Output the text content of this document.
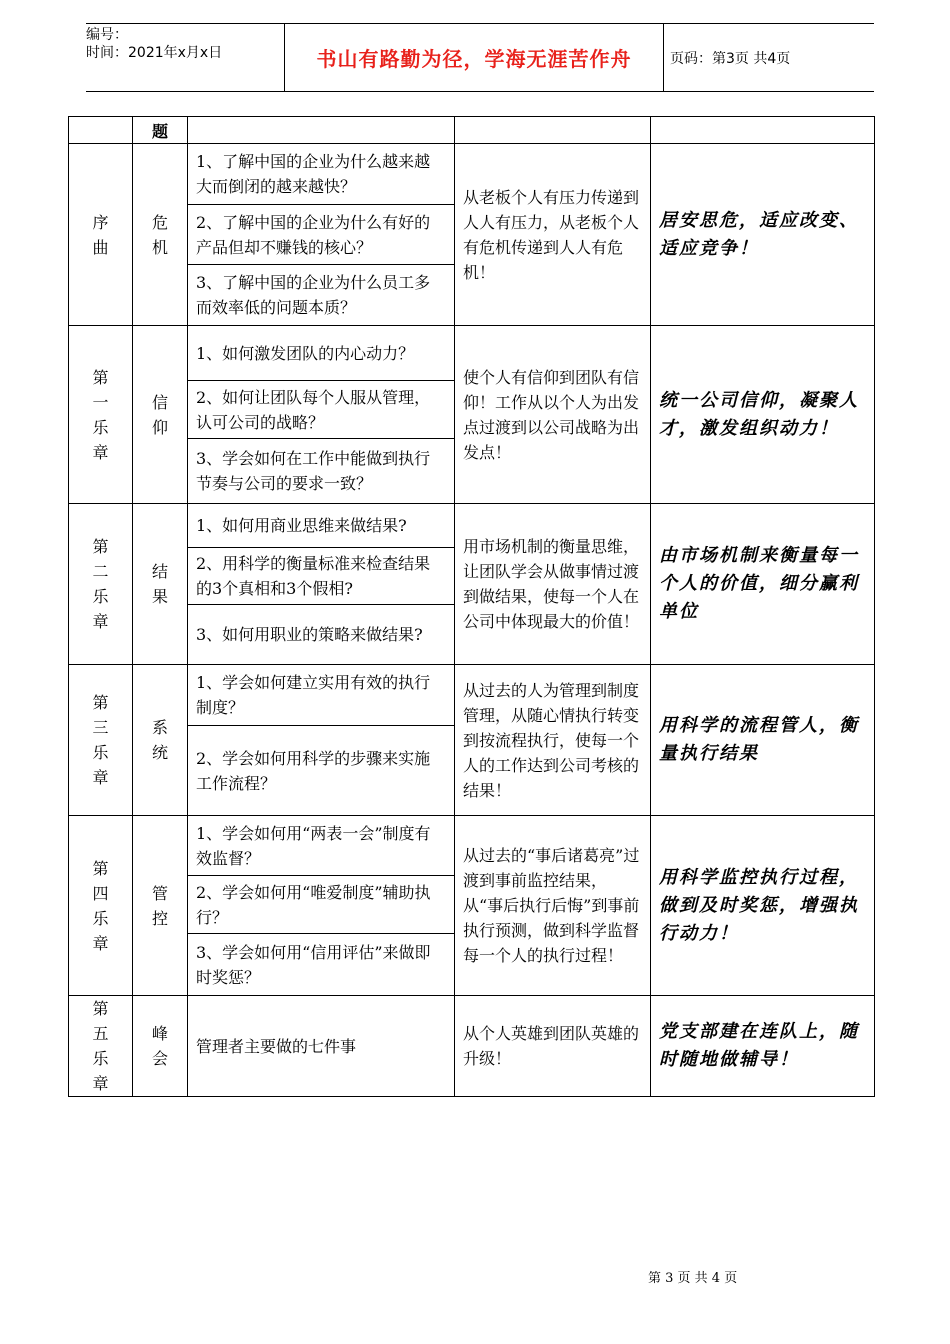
编号：
时间：2021年x月x日	书山有路勤为径，学海无涯苦作舟	页码：第3页 共4页
	题			

序曲	危机	1、了解中国的企业为什么越来越大而倒闭的越来越快？	从老板个人有压力传递到人人有压力，从老板个人有危机传递到人人有危机！	居安思危，适应改变、适应竞争！
		2、了解中国的企业为什么有好的产品但却不赚钱的核心？		
		3、了解中国的企业为什么员工多而效率低的问题本质？		

第一乐章	信仰	1、如何激发团队的内心动力？	使个人有信仰到团队有信仰！工作从以个人为出发点过渡到以公司战略为出发点！	统一公司信仰，凝聚人才，激发组织动力！
		2、如何让团队每个人服从管理，认可公司的战略？		
		3、学会如何在工作中能做到执行节奏与公司的要求一致？		

第二乐章	结果	1、如何用商业思维来做结果?	用市场机制的衡量思维，让团队学会从做事情过渡到做结果，使每一个人在公司中体现最大的价值！	由市场机制来衡量每一个人的价值，细分赢利单位
		2、用科学的衡量标准来检查结果的3个真相和3个假相?		
		3、如何用职业的策略来做结果?		

第三乐章	系统	1、学会如何建立实用有效的执行制度？	从过去的人为管理到制度管理，从随心情执行转变到按流程执行，使每一个人的工作达到公司考核的结果！	用科学的流程管人，衡量执行结果
		2、学会如何用科学的步骤来实施工作流程？		

第四乐章	管控	1、学会如何用“两表一会”制度有效监督？	从过去的“事后诸葛亮”过渡到事前监控结果，从“事后执行后悔”到事前执行预测，做到科学监督每一个人的执行过程！	用科学监控执行过程，做到及时奖惩，增强执行动力！
		2、学会如何用“唯爱制度”辅助执行？		
		3、学会如何用“信用评估”来做即时奖惩？		

第五乐章	峰会	管理者主要做的七件事	从个人英雄到团队英雄的升级！	党支部建在连队上，随时随地做辅导！
第 3 页 共 4 页
